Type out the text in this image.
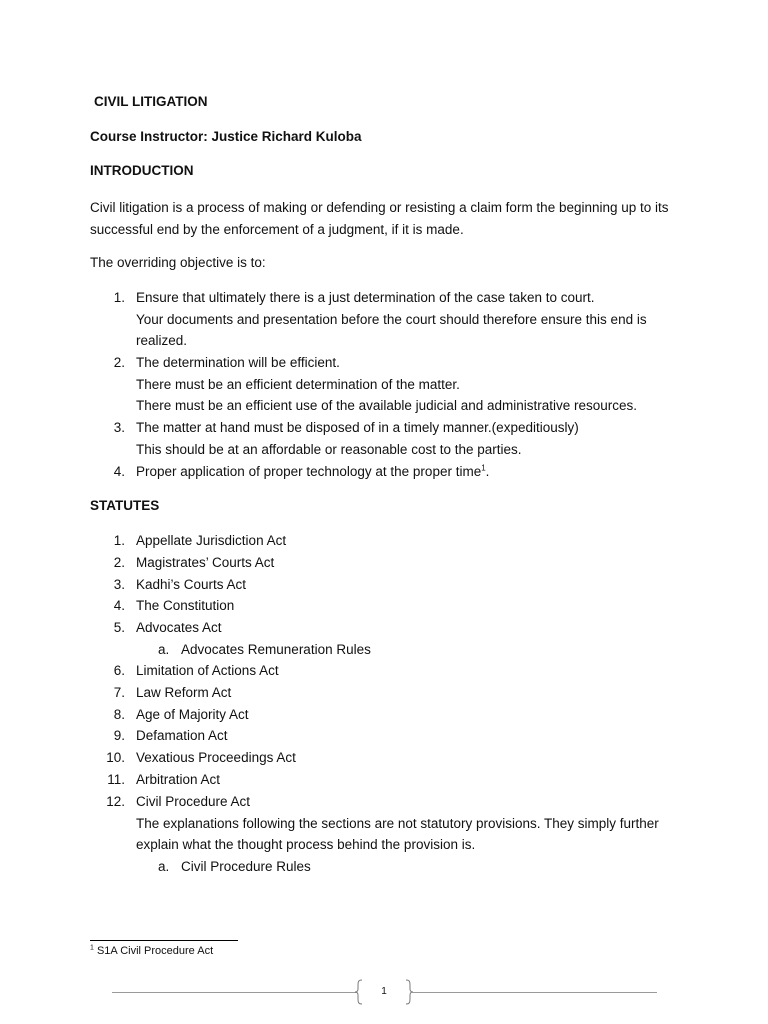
CIVIL LITIGATION
Course Instructor: Justice Richard Kuloba
INTRODUCTION
Civil litigation is a process of making or defending or resisting a claim form the beginning up to its successful end by the enforcement of a judgment, if it is made.
The overriding objective is to:
1. Ensure that ultimately there is a just determination of the case taken to court.
Your documents and presentation before the court should therefore ensure this end is
realized.
2. The determination will be efficient.
There must be an efficient determination of the matter.
There must be an efficient use of the available judicial and administrative resources.
3. The matter at hand must be disposed of in a timely manner.(expeditiously)
This should be at an affordable or reasonable cost to the parties.
4. Proper application of proper technology at the proper time$^1$.
STATUTES
1. Appellate Jurisdiction Act
2. Magistrates’ Courts Act
3. Kadhi’s Courts Act
4. The Constitution
5. Advocates Act
a. Advocates Remuneration Rules
6. Limitation of Actions Act
7. Law Reform Act
8. Age of Majority Act
9. Defamation Act
10. Vexatious Proceedings Act
11. Arbitration Act
12. Civil Procedure Act
The explanations following the sections are not statutory provisions. They simply further
explain what the thought process behind the provision is.
a. Civil Procedure Rules
$^1$ S1A Civil Procedure Act
1
